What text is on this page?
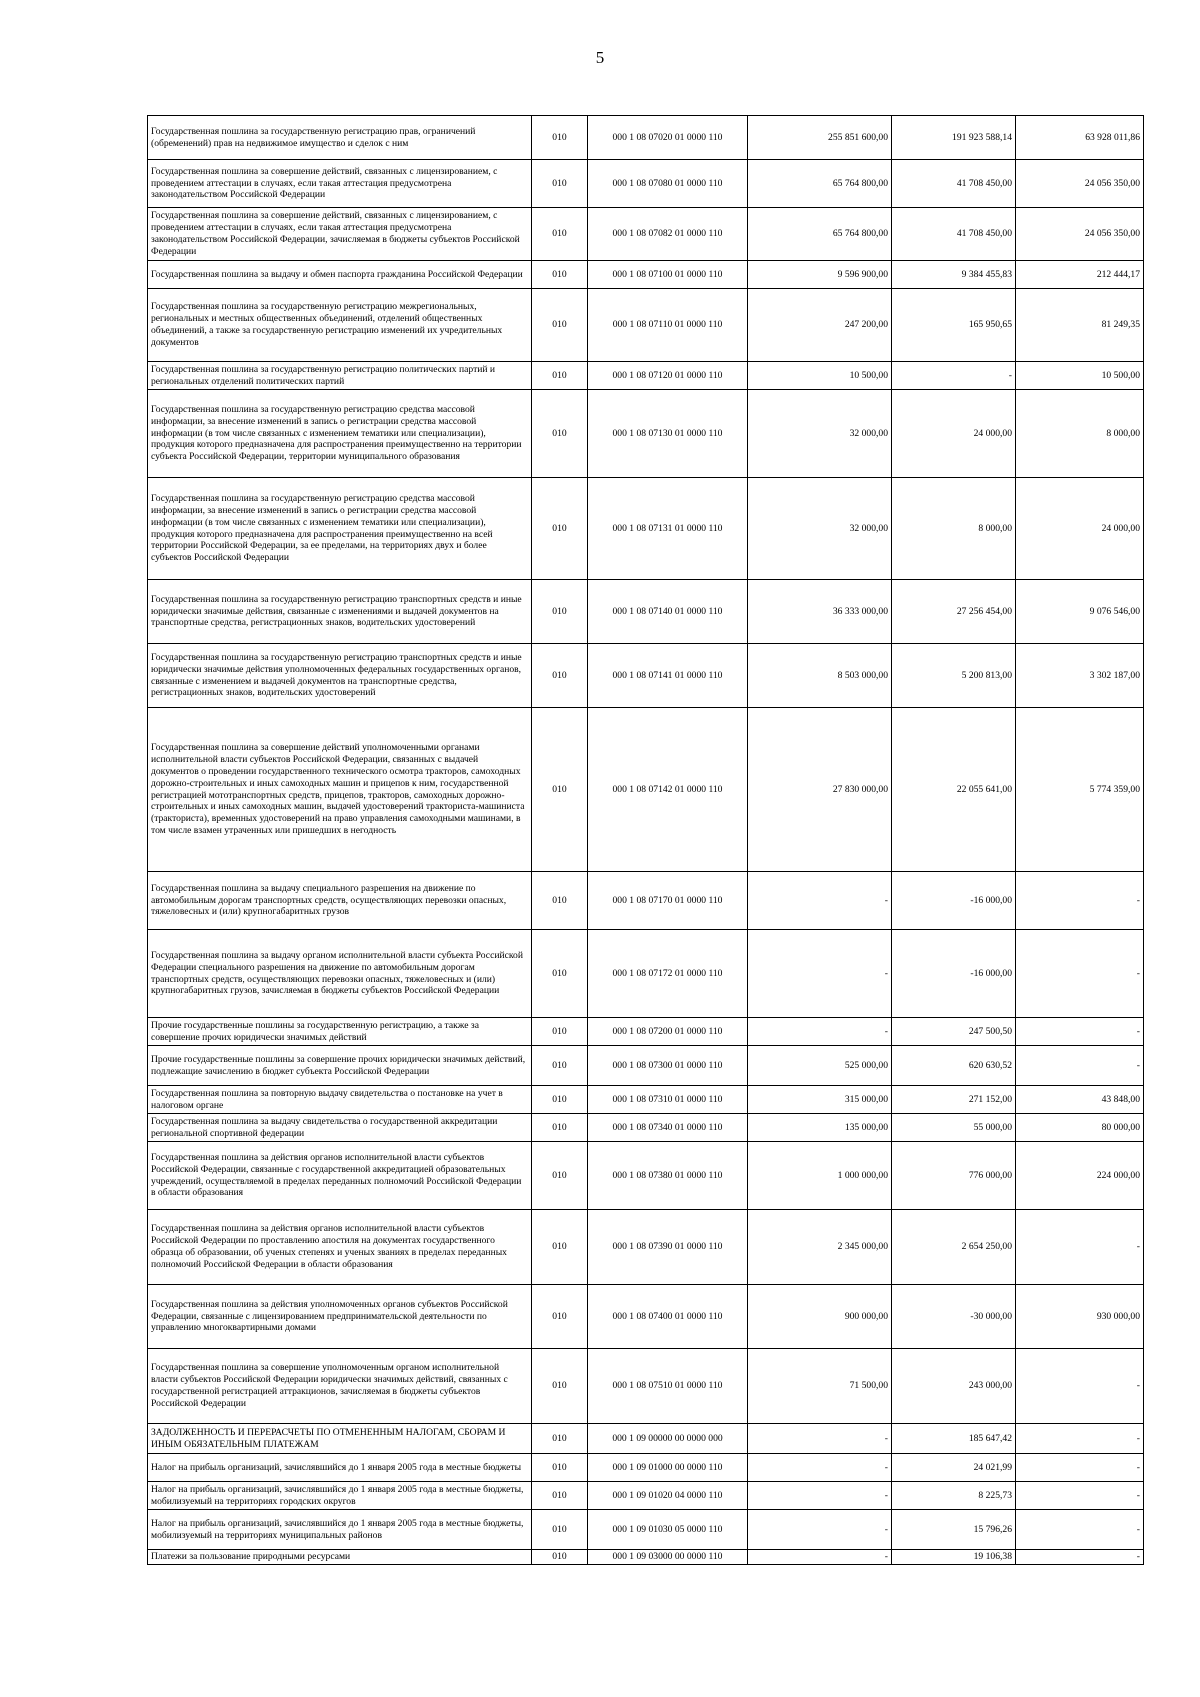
5
Государственная пошлина за государственную регистрацию прав, ограничений (обременений) прав на недвижимое имущество и сделок с ним	010	000 1 08 07020 01 0000 110	255 851 600,00	191 923 588,14	63 928 011,86
Государственная пошлина за совершение действий, связанных с лицензированием, с проведением аттестации в случаях, если такая аттестация предусмотрена законодательством Российской Федерации	010	000 1 08 07080 01 0000 110	65 764 800,00	41 708 450,00	24 056 350,00
Государственная пошлина за совершение действий, связанных с лицензированием, с проведением аттестации в случаях, если такая аттестация предусмотрена законодательством Российской Федерации, зачисляемая в бюджеты субъектов Российской Федерации	010	000 1 08 07082 01 0000 110	65 764 800,00	41 708 450,00	24 056 350,00
Государственная пошлина за выдачу и обмен паспорта гражданина Российской Федерации	010	000 1 08 07100 01 0000 110	9 596 900,00	9 384 455,83	212 444,17
Государственная пошлина за государственную регистрацию межрегиональных, региональных и местных общественных объединений, отделений общественных объединений, а также за государственную регистрацию изменений их учредительных документов	010	000 1 08 07110 01 0000 110	247 200,00	165 950,65	81 249,35
Государственная пошлина за государственную регистрацию политических партий и региональных отделений политических партий	010	000 1 08 07120 01 0000 110	10 500,00	-	10 500,00
Государственная пошлина за государственную регистрацию средства массовой информации, за внесение изменений в запись о регистрации средства массовой информации (в том числе связанных с изменением тематики или специализации), продукция которого предназначена для распространения преимущественно на территории субъекта Российской Федерации, территории муниципального образования	010	000 1 08 07130 01 0000 110	32 000,00	24 000,00	8 000,00
Государственная пошлина за государственную регистрацию средства массовой информации, за внесение изменений в запись о регистрации средства массовой информации (в том числе связанных с изменением тематики или специализации), продукция которого предназначена для распространения преимущественно на всей территории Российской Федерации, за ее пределами, на территориях двух и более субъектов Российской Федерации	010	000 1 08 07131 01 0000 110	32 000,00	8 000,00	24 000,00
Государственная пошлина за государственную регистрацию транспортных средств и иные юридически значимые действия, связанные с изменениями и выдачей документов на транспортные средства, регистрационных знаков, водительских удостоверений	010	000 1 08 07140 01 0000 110	36 333 000,00	27 256 454,00	9 076 546,00
Государственная пошлина за государственную регистрацию транспортных средств и иные юридически значимые действия уполномоченных федеральных государственных органов, связанные с изменением и выдачей документов на транспортные средства, регистрационных знаков, водительских удостоверений	010	000 1 08 07141 01 0000 110	8 503 000,00	5 200 813,00	3 302 187,00
Государственная пошлина за совершение действий уполномоченными органами исполнительной власти субъектов Российской Федерации, связанных с выдачей документов о проведении государственного технического осмотра тракторов, самоходных дорожно-строительных и иных самоходных машин и прицепов к ним, государственной регистрацией мототранспортных средств, прицепов, тракторов, самоходных дорожно-строительных и иных самоходных машин, выдачей удостоверений тракториста-машиниста (тракториста), временных удостоверений на право управления самоходными машинами, в том числе взамен утраченных или пришедших в негодность	010	000 1 08 07142 01 0000 110	27 830 000,00	22 055 641,00	5 774 359,00
Государственная пошлина за выдачу специального разрешения на движение по автомобильным дорогам транспортных средств, осуществляющих перевозки опасных, тяжеловесных и (или) крупногабаритных грузов	010	000 1 08 07170 01 0000 110	-	-16 000,00	-
Государственная пошлина за выдачу органом исполнительной власти субъекта Российской Федерации специального разрешения на движение по автомобильным дорогам транспортных средств, осуществляющих перевозки опасных, тяжеловесных и (или) крупногабаритных грузов, зачисляемая в бюджеты субъектов Российской Федерации	010	000 1 08 07172 01 0000 110	-	-16 000,00	-
Прочие государственные пошлины за государственную регистрацию, а также за совершение прочих юридически значимых действий	010	000 1 08 07200 01 0000 110	-	247 500,50	-
Прочие государственные пошлины за совершение прочих юридически значимых действий, подлежащие зачислению в бюджет субъекта Российской Федерации	010	000 1 08 07300 01 0000 110	525 000,00	620 630,52	-
Государственная пошлина за повторную выдачу свидетельства о постановке на учет в налоговом органе	010	000 1 08 07310 01 0000 110	315 000,00	271 152,00	43 848,00
Государственная пошлина за выдачу свидетельства о государственной аккредитации региональной спортивной федерации	010	000 1 08 07340 01 0000 110	135 000,00	55 000,00	80 000,00
Государственная пошлина за действия органов исполнительной власти субъектов Российской Федерации, связанные с государственной аккредитацией образовательных учреждений, осуществляемой в пределах переданных полномочий Российской Федерации в области образования	010	000 1 08 07380 01 0000 110	1 000 000,00	776 000,00	224 000,00
Государственная пошлина за действия органов исполнительной власти субъектов Российской Федерации по проставлению апостиля на документах государственного образца об образовании, об ученых степенях и ученых званиях в пределах переданных полномочий Российской Федерации в области образования	010	000 1 08 07390 01 0000 110	2 345 000,00	2 654 250,00	-
Государственная пошлина за действия уполномоченных органов субъектов Российской Федерации, связанные с лицензированием предпринимательской деятельности по управлению многоквартирными домами	010	000 1 08 07400 01 0000 110	900 000,00	-30 000,00	930 000,00
Государственная пошлина за совершение уполномоченным органом исполнительной власти субъектов Российской Федерации юридически значимых действий, связанных с государственной регистрацией аттракционов, зачисляемая в бюджеты субъектов Российской Федерации	010	000 1 08 07510 01 0000 110	71 500,00	243 000,00	-
ЗАДОЛЖЕННОСТЬ И ПЕРЕРАСЧЕТЫ ПО ОТМЕНЕННЫМ НАЛОГАМ, СБОРАМ И ИНЫМ ОБЯЗАТЕЛЬНЫМ ПЛАТЕЖАМ	010	000 1 09 00000 00 0000 000	-	185 647,42	-
Налог на прибыль организаций, зачислявшийся до 1 января 2005 года в местные бюджеты	010	000 1 09 01000 00 0000 110	-	24 021,99	-
Налог на прибыль организаций, зачислявшийся до 1 января 2005 года в местные бюджеты, мобилизуемый на территориях городских округов	010	000 1 09 01020 04 0000 110	-	8 225,73	-
Налог на прибыль организаций, зачислявшийся до 1 января 2005 года в местные бюджеты, мобилизуемый на территориях муниципальных районов	010	000 1 09 01030 05 0000 110	-	15 796,26	-
Платежи за пользование природными ресурсами	010	000 1 09 03000 00 0000 110	-	19 106,38	-
